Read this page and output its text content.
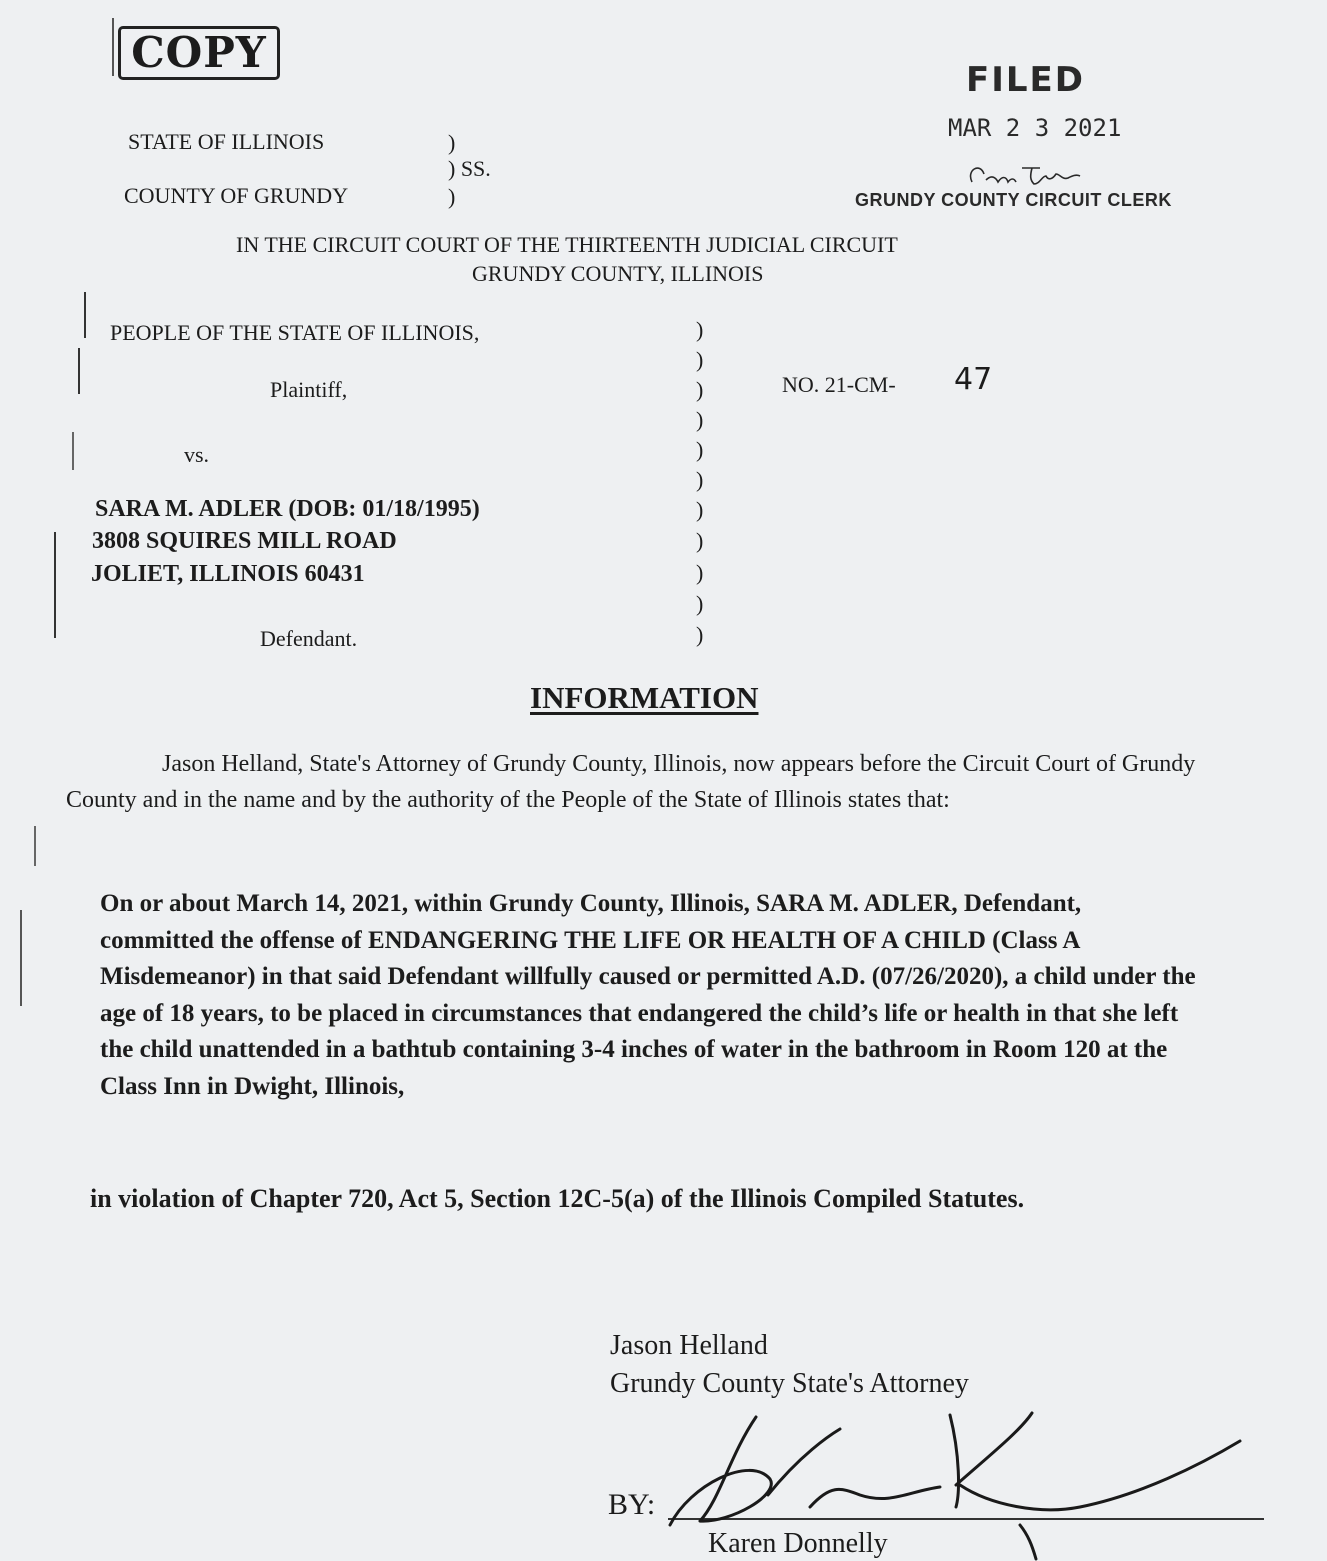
COPY
FILED
MAR 2 3 2021
GRUNDY COUNTY CIRCUIT CLERK
STATE OF ILLINOIS
COUNTY OF GRUNDY
)
) SS.
)
IN THE CIRCUIT COURT OF THE THIRTEENTH JUDICIAL CIRCUIT
GRUNDY COUNTY, ILLINOIS
PEOPLE OF THE STATE OF ILLINOIS,
Plaintiff,
vs.
SARA M. ADLER (DOB: 01/18/1995)
3808 SQUIRES MILL ROAD
JOLIET, ILLINOIS 60431
Defendant.
)
)
)
)
)
)
)
)
)
)
)
NO. 21-CM- 47
INFORMATION
Jason Helland, State's Attorney of Grundy County, Illinois, now appears before the Circuit Court of Grundy County and in the name and by the authority of the People of the State of Illinois states that:
On or about March 14, 2021, within Grundy County, Illinois, SARA M. ADLER, Defendant, committed the offense of ENDANGERING THE LIFE OR HEALTH OF A CHILD (Class A Misdemeanor) in that said Defendant willfully caused or permitted A.D. (07/26/2020), a child under the age of 18 years, to be placed in circumstances that endangered the child’s life or health in that she left the child unattended in a bathtub containing 3-4 inches of water in the bathroom in Room 120 at the Class Inn in Dwight, Illinois,
in violation of Chapter 720, Act 5, Section 12C-5(a) of the Illinois Compiled Statutes.
Jason Helland
Grundy County State's Attorney
BY:
Karen Donnelly
